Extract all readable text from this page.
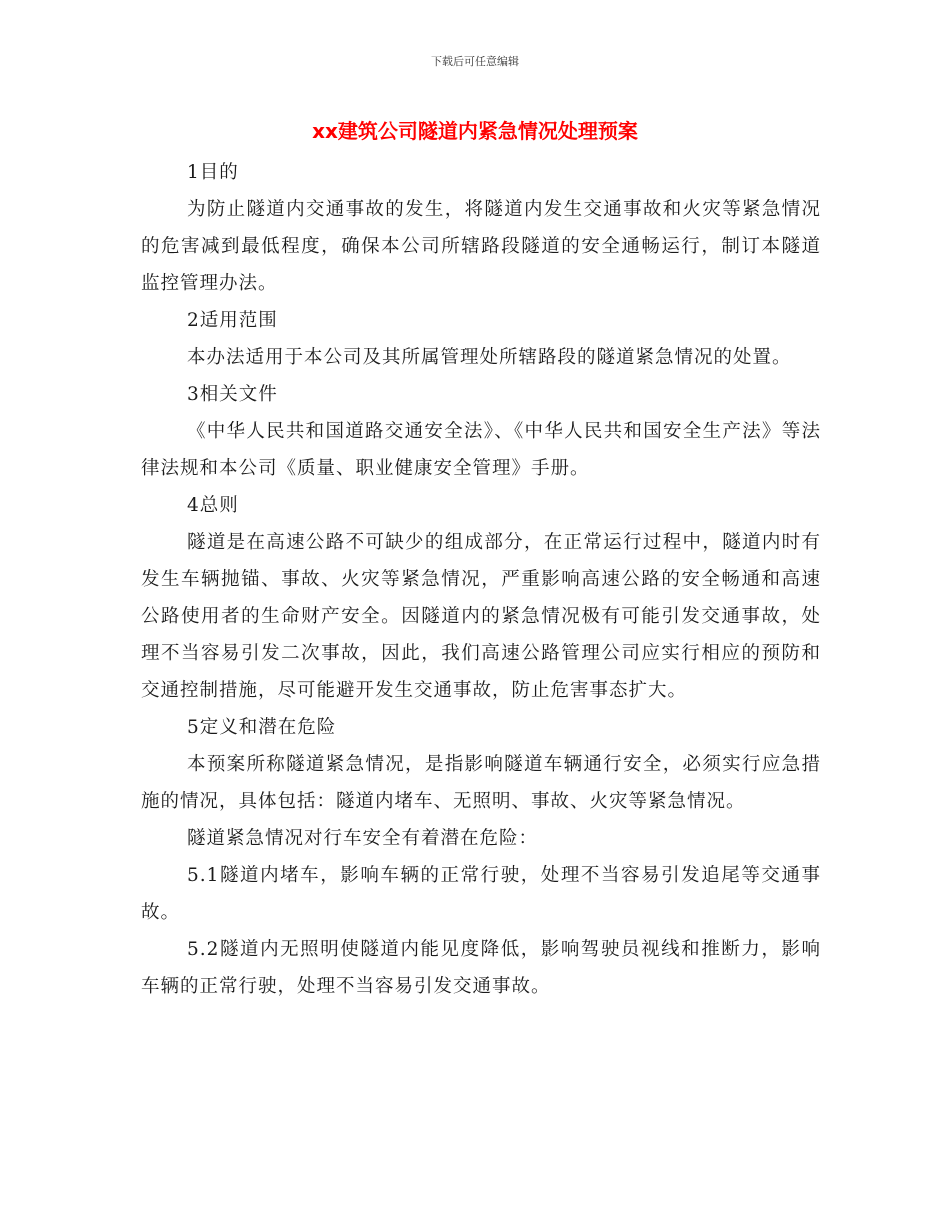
下载后可任意编辑
xx建筑公司隧道内紧急情况处理预案

1目的

为防止隧道内交通事故的发生，将隧道内发生交通事故和火灾等紧急情况的危害减到最低程度，确保本公司所辖路段隧道的安全通畅运行，制订本隧道监控管理办法。

2适用范围

本办法适用于本公司及其所属管理处所辖路段的隧道紧急情况的处置。

3相关文件

《中华人民共和国道路交通安全法》、《中华人民共和国安全生产法》等法律法规和本公司《质量、职业健康安全管理》手册。

4总则

隧道是在高速公路不可缺少的组成部分，在正常运行过程中，隧道内时有发生车辆抛锚、事故、火灾等紧急情况，严重影响高速公路的安全畅通和高速公路使用者的生命财产安全。因隧道内的紧急情况极有可能引发交通事故，处理不当容易引发二次事故，因此，我们高速公路管理公司应实行相应的预防和交通控制措施，尽可能避开发生交通事故，防止危害事态扩大。

5定义和潜在危险

本预案所称隧道紧急情况，是指影响隧道车辆通行安全，必须实行应急措施的情况，具体包括：隧道内堵车、无照明、事故、火灾等紧急情况。

隧道紧急情况对行车安全有着潜在危险：

5.1隧道内堵车，影响车辆的正常行驶，处理不当容易引发追尾等交通事故。

5.2隧道内无照明使隧道内能见度降低，影响驾驶员视线和推断力，影响车辆的正常行驶，处理不当容易引发交通事故。
